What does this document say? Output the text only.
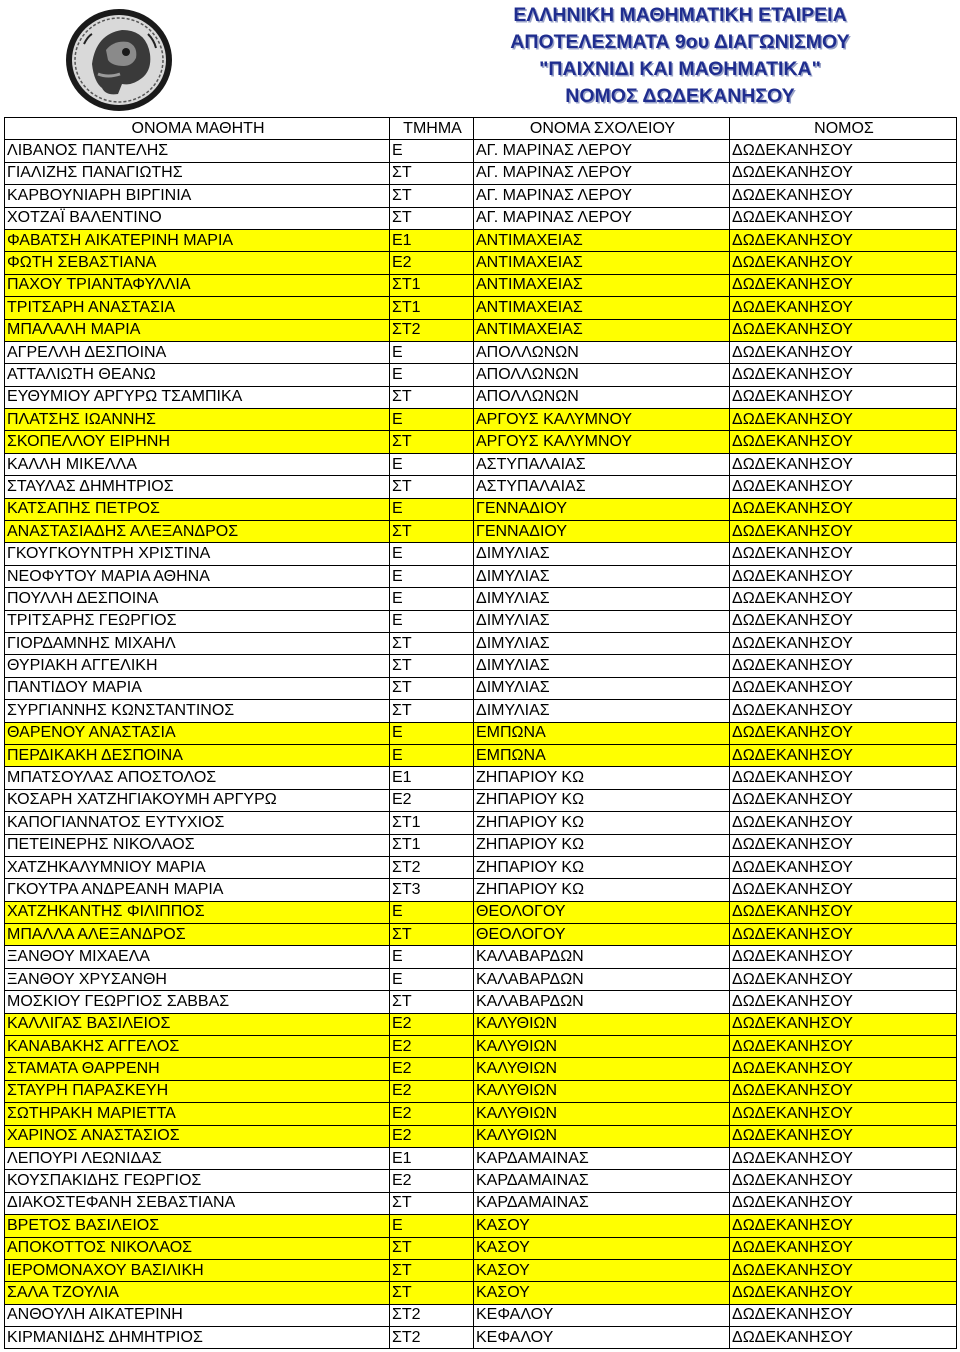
ΕΛΛΗΝΙΚΗ ΜΑΘΗΜΑΤΙΚΗ ΕΤΑΙΡΕΙΑ
ΑΠΟΤΕΛΕΣΜΑΤΑ 9ου ΔΙΑΓΩΝΙΣΜΟΥ
"ΠΑΙΧΝΙΔΙ ΚΑΙ ΜΑΘΗΜΑΤΙΚΑ"
ΝΟΜΟΣ ΔΩΔΕΚΑΝΗΣΟΥ
ΟΝΟΜΑ ΜΑΘΗΤΗ	ΤΜΗΜΑ	ΟΝΟΜΑ ΣΧΟΛΕΙΟΥ	ΝΟΜΟΣ
ΛΙΒΑΝΟΣ ΠΑΝΤΕΛΗΣ	Ε	ΑΓ. ΜΑΡΙΝΑΣ ΛΕΡΟΥ	ΔΩΔΕΚΑΝΗΣΟΥ
ΓΙΑΛΙΖΗΣ ΠΑΝΑΓΙΩΤΗΣ	ΣΤ	ΑΓ. ΜΑΡΙΝΑΣ ΛΕΡΟΥ	ΔΩΔΕΚΑΝΗΣΟΥ
ΚΑΡΒΟΥΝΙΑΡΗ ΒΙΡΓΙΝΙΑ	ΣΤ	ΑΓ. ΜΑΡΙΝΑΣ ΛΕΡΟΥ	ΔΩΔΕΚΑΝΗΣΟΥ
ΧΟΤΖΑΪ ΒΑΛΕΝΤΙΝΟ	ΣΤ	ΑΓ. ΜΑΡΙΝΑΣ ΛΕΡΟΥ	ΔΩΔΕΚΑΝΗΣΟΥ
ΦΑΒΑΤΣΗ ΑΙΚΑΤΕΡΙΝΗ ΜΑΡΙΑ	Ε1	ΑΝΤΙΜΑΧΕΙΑΣ	ΔΩΔΕΚΑΝΗΣΟΥ
ΦΩΤΗ ΣΕΒΑΣΤΙΑΝΑ	Ε2	ΑΝΤΙΜΑΧΕΙΑΣ	ΔΩΔΕΚΑΝΗΣΟΥ
ΠΑΧΟΥ ΤΡΙΑΝΤΑΦΥΛΛΙΑ	ΣΤ1	ΑΝΤΙΜΑΧΕΙΑΣ	ΔΩΔΕΚΑΝΗΣΟΥ
ΤΡΙΤΣΑΡΗ ΑΝΑΣΤΑΣΙΑ	ΣΤ1	ΑΝΤΙΜΑΧΕΙΑΣ	ΔΩΔΕΚΑΝΗΣΟΥ
ΜΠΑΛΑΛΗ ΜΑΡΙΑ	ΣΤ2	ΑΝΤΙΜΑΧΕΙΑΣ	ΔΩΔΕΚΑΝΗΣΟΥ
ΑΓΡΕΛΛΗ ΔΕΣΠΟΙΝΑ	Ε	ΑΠΟΛΛΩΝΩΝ	ΔΩΔΕΚΑΝΗΣΟΥ
ΑΤΤΑΛΙΩΤΗ ΘΕΑΝΩ	Ε	ΑΠΟΛΛΩΝΩΝ	ΔΩΔΕΚΑΝΗΣΟΥ
ΕΥΘΥΜΙΟΥ ΑΡΓΥΡΩ ΤΣΑΜΠΙΚΑ	ΣΤ	ΑΠΟΛΛΩΝΩΝ	ΔΩΔΕΚΑΝΗΣΟΥ
ΠΛΑΤΣΗΣ ΙΩΑΝΝΗΣ	Ε	ΑΡΓΟΥΣ ΚΑΛΥΜΝΟΥ	ΔΩΔΕΚΑΝΗΣΟΥ
ΣΚΟΠΕΛΛΟΥ ΕΙΡΗΝΗ	ΣΤ	ΑΡΓΟΥΣ ΚΑΛΥΜΝΟΥ	ΔΩΔΕΚΑΝΗΣΟΥ
ΚΑΛΛΗ ΜΙΚΕΛΛΑ	Ε	ΑΣΤΥΠΑΛΑΙΑΣ	ΔΩΔΕΚΑΝΗΣΟΥ
ΣΤΑΥΛΑΣ ΔΗΜΗΤΡΙΟΣ	ΣΤ	ΑΣΤΥΠΑΛΑΙΑΣ	ΔΩΔΕΚΑΝΗΣΟΥ
ΚΑΤΣΑΠΗΣ ΠΕΤΡΟΣ	Ε	ΓΕΝΝΑΔΙΟΥ	ΔΩΔΕΚΑΝΗΣΟΥ
ΑΝΑΣΤΑΣΙΑΔΗΣ ΑΛΕΞΑΝΔΡΟΣ	ΣΤ	ΓΕΝΝΑΔΙΟΥ	ΔΩΔΕΚΑΝΗΣΟΥ
ΓΚΟΥΓΚΟΥΝΤΡΗ ΧΡΙΣΤΙΝΑ	Ε	ΔΙΜΥΛΙΑΣ	ΔΩΔΕΚΑΝΗΣΟΥ
ΝΕΟΦΥΤΟΥ ΜΑΡΙΑ ΑΘΗΝΑ	Ε	ΔΙΜΥΛΙΑΣ	ΔΩΔΕΚΑΝΗΣΟΥ
ΠΟΥΛΛΗ ΔΕΣΠΟΙΝΑ	Ε	ΔΙΜΥΛΙΑΣ	ΔΩΔΕΚΑΝΗΣΟΥ
ΤΡΙΤΣΑΡΗΣ ΓΕΩΡΓΙΟΣ	Ε	ΔΙΜΥΛΙΑΣ	ΔΩΔΕΚΑΝΗΣΟΥ
ΓΙΟΡΔΑΜΝΗΣ ΜΙΧΑΗΛ	ΣΤ	ΔΙΜΥΛΙΑΣ	ΔΩΔΕΚΑΝΗΣΟΥ
ΘΥΡΙΑΚΗ ΑΓΓΕΛΙΚΗ	ΣΤ	ΔΙΜΥΛΙΑΣ	ΔΩΔΕΚΑΝΗΣΟΥ
ΠΑΝΤΙΔΟΥ ΜΑΡΙΑ	ΣΤ	ΔΙΜΥΛΙΑΣ	ΔΩΔΕΚΑΝΗΣΟΥ
ΣΥΡΓΙΑΝΝΗΣ ΚΩΝΣΤΑΝΤΙΝΟΣ	ΣΤ	ΔΙΜΥΛΙΑΣ	ΔΩΔΕΚΑΝΗΣΟΥ
ΘΑΡΕΝΟΥ ΑΝΑΣΤΑΣΙΑ	Ε	ΕΜΠΩΝΑ	ΔΩΔΕΚΑΝΗΣΟΥ
ΠΕΡΔΙΚΑΚΗ ΔΕΣΠΟΙΝΑ	Ε	ΕΜΠΩΝΑ	ΔΩΔΕΚΑΝΗΣΟΥ
ΜΠΑΤΣΟΥΛΑΣ ΑΠΟΣΤΟΛΟΣ	Ε1	ΖΗΠΑΡΙΟΥ ΚΩ	ΔΩΔΕΚΑΝΗΣΟΥ
ΚΟΣΑΡΗ ΧΑΤΖΗΓΙΑΚΟΥΜΗ ΑΡΓΥΡΩ	Ε2	ΖΗΠΑΡΙΟΥ ΚΩ	ΔΩΔΕΚΑΝΗΣΟΥ
ΚΑΠΟΓΙΑΝΝΑΤΟΣ ΕΥΤΥΧΙΟΣ	ΣΤ1	ΖΗΠΑΡΙΟΥ ΚΩ	ΔΩΔΕΚΑΝΗΣΟΥ
ΠΕΤΕΙΝΕΡΗΣ ΝΙΚΟΛΑΟΣ	ΣΤ1	ΖΗΠΑΡΙΟΥ ΚΩ	ΔΩΔΕΚΑΝΗΣΟΥ
ΧΑΤΖΗΚΑΛΥΜΝΙΟΥ ΜΑΡΙΑ	ΣΤ2	ΖΗΠΑΡΙΟΥ ΚΩ	ΔΩΔΕΚΑΝΗΣΟΥ
ΓΚΟΥΤΡΑ ΑΝΔΡΕΑΝΗ ΜΑΡΙΑ	ΣΤ3	ΖΗΠΑΡΙΟΥ ΚΩ	ΔΩΔΕΚΑΝΗΣΟΥ
ΧΑΤΖΗΚΑΝΤΗΣ ΦΙΛΙΠΠΟΣ	Ε	ΘΕΟΛΟΓΟΥ	ΔΩΔΕΚΑΝΗΣΟΥ
ΜΠΑΛΛΑ ΑΛΕΞΑΝΔΡΟΣ	ΣΤ	ΘΕΟΛΟΓΟΥ	ΔΩΔΕΚΑΝΗΣΟΥ
ΞΑΝΘΟΥ ΜΙΧΑΕΛΑ	Ε	ΚΑΛΑΒΑΡΔΩΝ	ΔΩΔΕΚΑΝΗΣΟΥ
ΞΑΝΘΟΥ ΧΡΥΣΑΝΘΗ	Ε	ΚΑΛΑΒΑΡΔΩΝ	ΔΩΔΕΚΑΝΗΣΟΥ
ΜΟΣΚΙΟΥ ΓΕΩΡΓΙΟΣ ΣΑΒΒΑΣ	ΣΤ	ΚΑΛΑΒΑΡΔΩΝ	ΔΩΔΕΚΑΝΗΣΟΥ
ΚΑΛΛΙΓΑΣ ΒΑΣΙΛΕΙΟΣ	Ε2	ΚΑΛΥΘΙΩΝ	ΔΩΔΕΚΑΝΗΣΟΥ
ΚΑΝΑΒΑΚΗΣ ΑΓΓΕΛΟΣ	Ε2	ΚΑΛΥΘΙΩΝ	ΔΩΔΕΚΑΝΗΣΟΥ
ΣΤΑΜΑΤΑ ΘΑΡΡΕΝΗ	Ε2	ΚΑΛΥΘΙΩΝ	ΔΩΔΕΚΑΝΗΣΟΥ
ΣΤΑΥΡΗ ΠΑΡΑΣΚΕΥΗ	Ε2	ΚΑΛΥΘΙΩΝ	ΔΩΔΕΚΑΝΗΣΟΥ
ΣΩΤΗΡΑΚΗ ΜΑΡΙΕΤΤΑ	Ε2	ΚΑΛΥΘΙΩΝ	ΔΩΔΕΚΑΝΗΣΟΥ
ΧΑΡΙΝΟΣ ΑΝΑΣΤΑΣΙΟΣ	Ε2	ΚΑΛΥΘΙΩΝ	ΔΩΔΕΚΑΝΗΣΟΥ
ΛΕΠΟΥΡΙ ΛΕΩΝΙΔΑΣ	Ε1	ΚΑΡΔΑΜΑΙΝΑΣ	ΔΩΔΕΚΑΝΗΣΟΥ
ΚΟΥΣΠΑΚΙΔΗΣ ΓΕΩΡΓΙΟΣ	Ε2	ΚΑΡΔΑΜΑΙΝΑΣ	ΔΩΔΕΚΑΝΗΣΟΥ
ΔΙΑΚΟΣΤΕΦΑΝΗ ΣΕΒΑΣΤΙΑΝΑ	ΣΤ	ΚΑΡΔΑΜΑΙΝΑΣ	ΔΩΔΕΚΑΝΗΣΟΥ
ΒΡΕΤΟΣ ΒΑΣΙΛΕΙΟΣ	Ε	ΚΑΣΟΥ	ΔΩΔΕΚΑΝΗΣΟΥ
ΑΠΟΚΟΤΤΟΣ ΝΙΚΟΛΑΟΣ	ΣΤ	ΚΑΣΟΥ	ΔΩΔΕΚΑΝΗΣΟΥ
ΙΕΡΟΜΟΝΑΧΟΥ ΒΑΣΙΛΙΚΗ	ΣΤ	ΚΑΣΟΥ	ΔΩΔΕΚΑΝΗΣΟΥ
ΣΑΛΑ ΤΖΟΥΛΙΑ	ΣΤ	ΚΑΣΟΥ	ΔΩΔΕΚΑΝΗΣΟΥ
ΑΝΘΟΥΛΗ ΑΙΚΑΤΕΡΙΝΗ	ΣΤ2	ΚΕΦΑΛΟΥ	ΔΩΔΕΚΑΝΗΣΟΥ
ΚΙΡΜΑΝΙΔΗΣ ΔΗΜΗΤΡΙΟΣ	ΣΤ2	ΚΕΦΑΛΟΥ	ΔΩΔΕΚΑΝΗΣΟΥ
